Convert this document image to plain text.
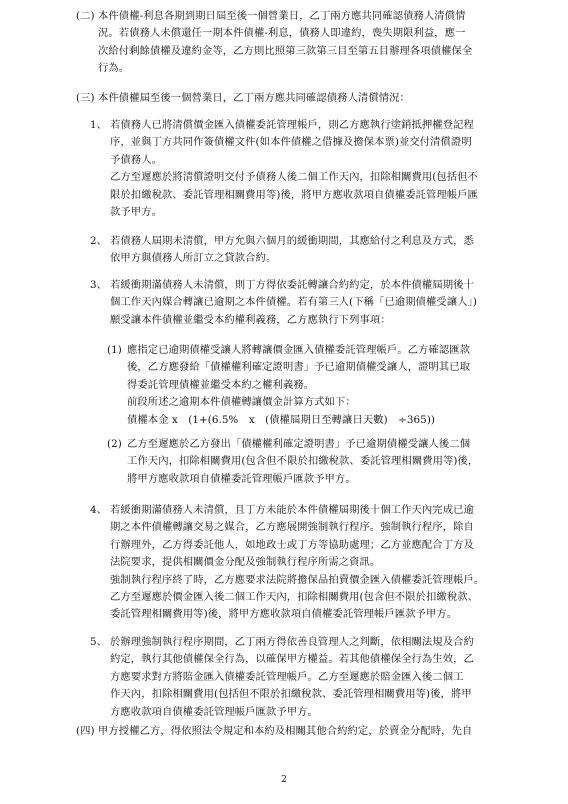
(二) 本件債權-利息各期到期日屆至後一個營業日，乙丁兩方應共同確認債務人清償情
況。若債務人未償還任一期本件債權-利息，債務人即違約，喪失期限利益，應一
次給付剩餘債權及違約金等，乙方則比照第三款第三目至第五目辦理各項債權保全
行為。
(三) 本件債權屆至後一個營業日，乙丁兩方應共同確認債務人清償情況：
1、 若債務人已將清償價金匯入債權委託管理帳戶，則乙方應執行塗銷抵押權登記程
序，並與丁方共同作簽債權文件(如本件債權之借據及擔保本票)並交付清償證明
予債務人。
乙方至遲應於將清償證明交付予債務人後二個工作天內，扣除相關費用(包括但不
限於扣繳稅款、委託管理相關費用等)後，將甲方應收款項自債權委託管理帳戶匯
款予甲方。
2、 若債務人屆期未清償，甲方允與六個月的緩衝期間，其應給付之利息及方式，悉
依甲方與債務人所訂立之貸款合約。
3、 若緩衝期滿債務人未清償，則丁方得依委託轉讓合約約定，於本件債權屆期後十
個工作天內媒合轉讓已逾期之本件債權。若有第三人(下稱「已逾期債權受讓人」)
願受讓本件債權並繼受本約權利義務，乙方應執行下列事項：
(1) 應指定已逾期債權受讓人將轉讓價金匯入債權委託管理帳戶。乙方確認匯款
後，乙方應發給「債權權利確定證明書」予已逾期債權受讓人，證明其已取
得委託管理債權並繼受本約之權利義務。
前段所述之逾期本件債權轉讓價金計算方式如下：
債權本金 x　(1+(6.5%　x　(債權屆期日至轉讓日天數)　÷365))
(2) 乙方至遲應於乙方發出「債權權利確定證明書」予已逾期債權受讓人後二個
工作天內，扣除相關費用(包含但不限於扣繳稅款、委託管理相關費用等)後，
將甲方應收款項自債權委託管理帳戶匯款予甲方。
4、 若緩衝期滿債務人未清償，且丁方未能於本件債權屆期後十個工作天內完成已逾
期之本件債權轉讓交易之媒合，乙方應展開強制執行程序。強制執行程序，除自
行辦理外，乙方得委託他人，如地政士或丁方等協助處理；乙方並應配合丁方及
法院要求，提供相關價金分配及強制執行程序所需之資訊。
強制執行程序終了時，乙方應要求法院將擔保品拍賣價金匯入債權委託管理帳戶。
乙方至遲應於價金匯入後二個工作天內，扣除相關費用(包含但不限於扣繳稅款、
委託管理相關費用等)後，將甲方應收款項自債權委託管理帳戶匯款予甲方。
5、 於辦理強制執行程序期間，乙丁兩方得依善良管理人之判斷，依相關法規及合約
約定，執行其他債權保全行為，以確保甲方權益。若其他債權保全行為生效，乙
方應要求對方將賠金匯入債權委託管理帳戶。乙方至遲應於賠金匯入後二個工
作天內，扣除相關費用(包括但不限於扣繳稅款、委託管理相關費用等)後，將甲
方應收款項自債權委託管理帳戶匯款予甲方。
(四) 甲方授權乙方，得依照法令規定和本約及相關其他合約約定，於賣金分配時，先自
2
